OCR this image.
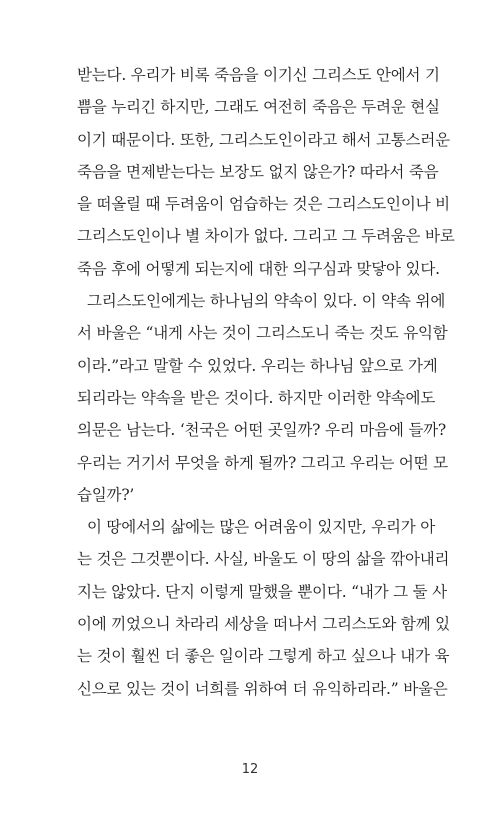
받는다. 우리가 비록 죽음을 이기신 그리스도 안에서 기
쁨을 누리긴 하지만, 그래도 여전히 죽음은 두려운 현실
이기 때문이다. 또한, 그리스도인이라고 해서 고통스러운
죽음을 면제받는다는 보장도 없지 않은가? 따라서 죽음
을 떠올릴 때 두려움이 엄습하는 것은 그리스도인이나 비
그리스도인이나 별 차이가 없다. 그리고 그 두려움은 바로
죽음 후에 어떻게 되는지에 대한 의구심과 맞닿아 있다.
그리스도인에게는 하나님의 약속이 있다. 이 약속 위에
서 바울은 “내게 사는 것이 그리스도니 죽는 것도 유익함
이라.”라고 말할 수 있었다. 우리는 하나님 앞으로 가게
되리라는 약속을 받은 것이다. 하지만 이러한 약속에도
의문은 남는다. ‘천국은 어떤 곳일까? 우리 마음에 들까?
우리는 거기서 무엇을 하게 될까? 그리고 우리는 어떤 모
습일까?’
이 땅에서의 삶에는 많은 어려움이 있지만, 우리가 아
는 것은 그것뿐이다. 사실, 바울도 이 땅의 삶을 깎아내리
지는 않았다. 단지 이렇게 말했을 뿐이다. “내가 그 둘 사
이에 끼었으니 차라리 세상을 떠나서 그리스도와 함께 있
는 것이 훨씬 더 좋은 일이라 그렇게 하고 싶으나 내가 육
신으로 있는 것이 너희를 위하여 더 유익하리라.” 바울은
12
